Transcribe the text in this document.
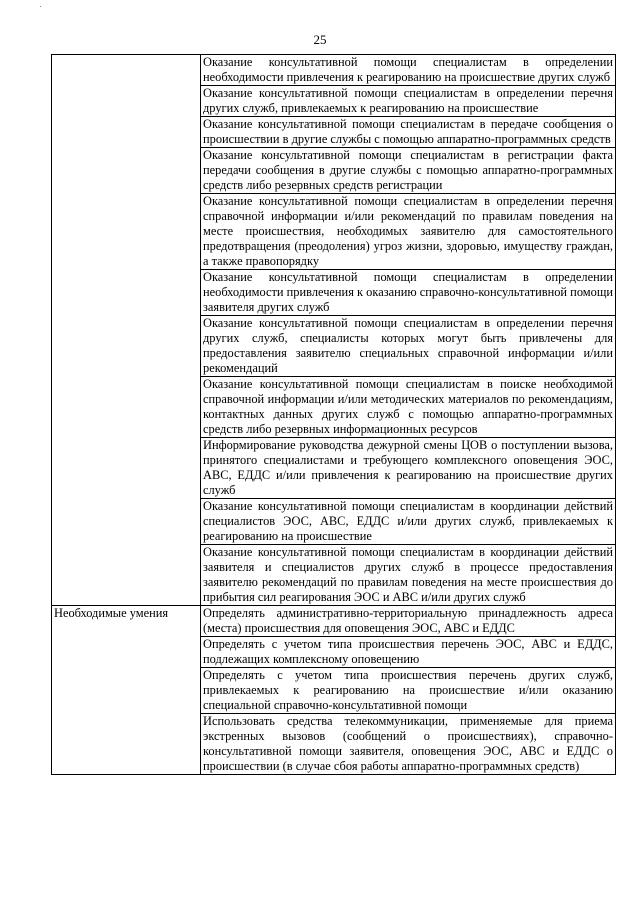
25
	Оказание консультативной помощи специалистам в определении необходимости привлечения к реагированию на происшествие других служб
	Оказание консультативной помощи специалистам в определении перечня других служб, привлекаемых к реагированию на происшествие
	Оказание консультативной помощи специалистам в передаче сообщения о происшествии в другие службы с помощью аппаратно-программных средств
	Оказание консультативной помощи специалистам в регистрации факта передачи сообщения в другие службы с помощью аппаратно-программных средств либо резервных средств регистрации
	Оказание консультативной помощи специалистам в определении перечня справочной информации и/или рекомендаций по правилам поведения на месте происшествия, необходимых заявителю для самостоятельного предотвращения (преодоления) угроз жизни, здоровью, имуществу граждан, а также правопорядку
	Оказание консультативной помощи специалистам в определении необходимости привлечения к оказанию справочно-консультативной помощи заявителя других служб
	Оказание консультативной помощи специалистам в определении перечня других служб, специалисты которых могут быть привлечены для предоставления заявителю специальных справочной информации и/или рекомендаций
	Оказание консультативной помощи специалистам в поиске необходимой справочной информации и/или методических материалов по рекомендациям, контактных данных других служб с помощью аппаратно-программных средств либо резервных информационных ресурсов
	Информирование руководства дежурной смены ЦОВ о поступлении вызова, принятого специалистами и требующего комплексного оповещения ЭОС, АВС, ЕДДС и/или привлечения к реагированию на происшествие других служб
	Оказание консультативной помощи специалистам в координации действий специалистов ЭОС, АВС, ЕДДС и/или других служб, привлекаемых к реагированию на происшествие
	Оказание консультативной помощи специалистам в координации действий заявителя и специалистов других служб в процессе предоставления заявителю рекомендаций по правилам поведения на месте происшествия до прибытия сил реагирования ЭОС и АВС и/или других служб
Необходимые умения	Определять административно-территориальную принадлежность адреса (места) происшествия для оповещения ЭОС, АВС и ЕДДС
	Определять с учетом типа происшествия перечень ЭОС, АВС и ЕДДС, подлежащих комплексному оповещению
	Определять с учетом типа происшествия перечень других служб, привлекаемых к реагированию на происшествие и/или оказанию специальной справочно-консультативной помощи
	Использовать средства телекоммуникации, применяемые для приема экстренных вызовов (сообщений о происшествиях), справочно-консультативной помощи заявителя, оповещения ЭОС, АВС и ЕДДС о происшествии (в случае сбоя работы аппаратно-программных средств)
